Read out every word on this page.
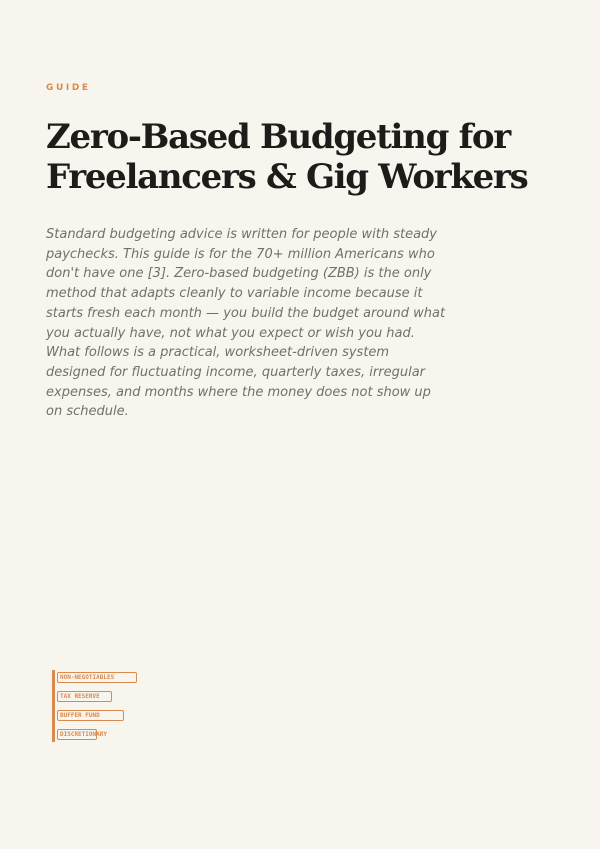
GUIDE
Zero-Based Budgeting for
Freelancers & Gig Workers

Standard budgeting advice is written for people with steady paychecks. This guide is for the 70+ million Americans who don't have one [3]. Zero-based budgeting (ZBB) is the only method that adapts cleanly to variable income because it starts fresh each month — you build the budget around what you actually have, not what you expect or wish you had. What follows is a practical, worksheet-driven system designed for fluctuating income, quarterly taxes, irregular expenses, and months where the money does not show up on schedule.

NON-NEGOTIABLES
TAX RESERVE
BUFFER FUND
DISCRETIONARY
